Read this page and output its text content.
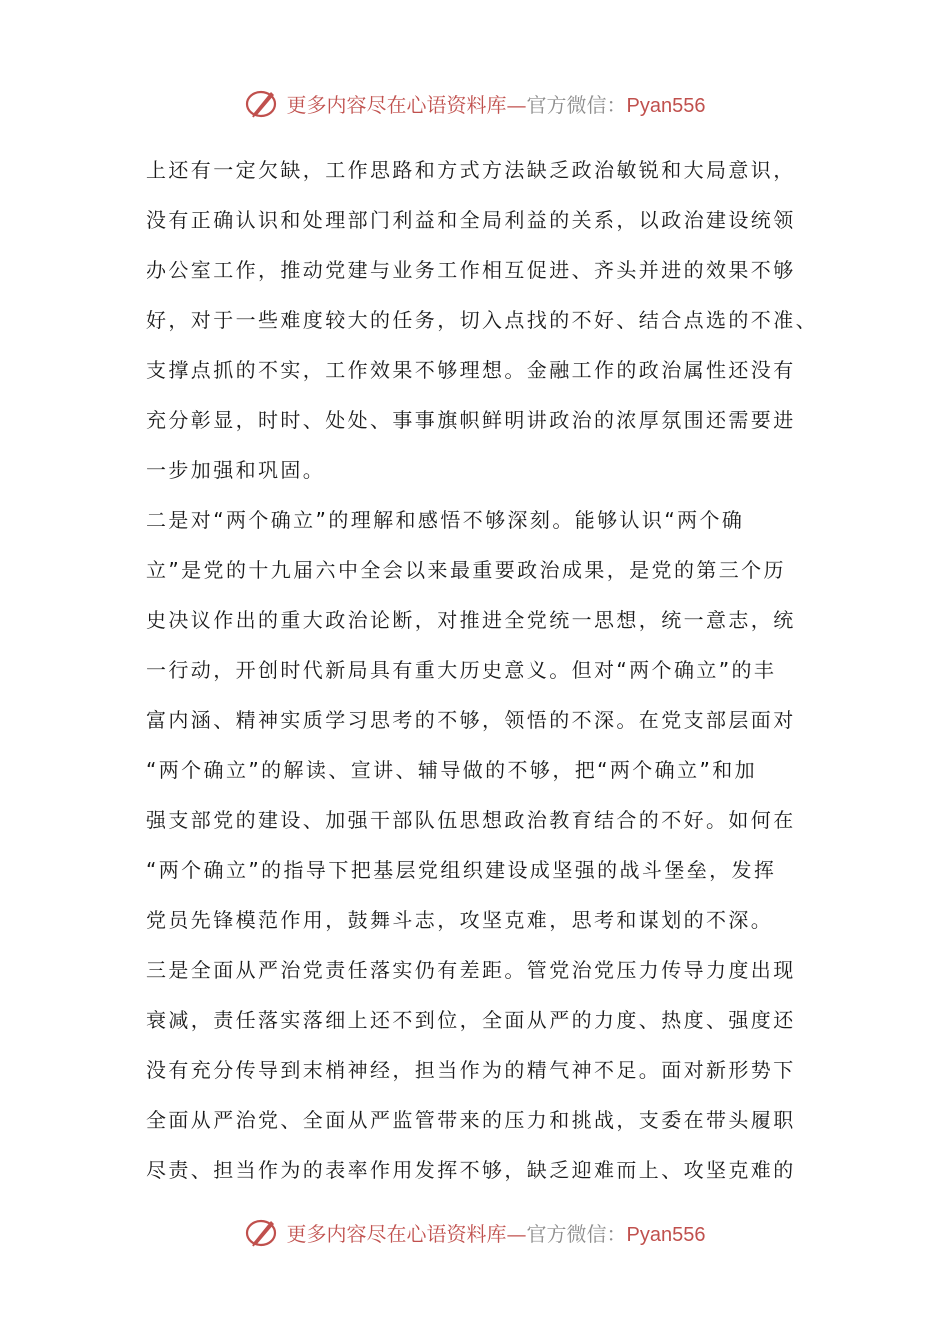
更多内容尽在心语资料库—官方微信：Pyan556
上还有一定欠缺，工作思路和方式方法缺乏政治敏锐和大局意识，
没有正确认识和处理部门利益和全局利益的关系，以政治建设统领
办公室工作，推动党建与业务工作相互促进、齐头并进的效果不够
好，对于一些难度较大的任务，切入点找的不好、结合点选的不准、
支撑点抓的不实，工作效果不够理想。金融工作的政治属性还没有
充分彰显，时时、处处、事事旗帜鲜明讲政治的浓厚氛围还需要进
一步加强和巩固。
二是对“两个确立”的理解和感悟不够深刻。能够认识“两个确
立”是党的十九届六中全会以来最重要政治成果，是党的第三个历
史决议作出的重大政治论断，对推进全党统一思想，统一意志，统
一行动，开创时代新局具有重大历史意义。但对“两个确立”的丰
富内涵、精神实质学习思考的不够，领悟的不深。在党支部层面对
“两个确立”的解读、宣讲、辅导做的不够，把“两个确立”和加
强支部党的建设、加强干部队伍思想政治教育结合的不好。如何在
“两个确立”的指导下把基层党组织建设成坚强的战斗堡垒，发挥
党员先锋模范作用，鼓舞斗志，攻坚克难，思考和谋划的不深。
三是全面从严治党责任落实仍有差距。管党治党压力传导力度出现
衰减，责任落实落细上还不到位，全面从严的力度、热度、强度还
没有充分传导到末梢神经，担当作为的精气神不足。面对新形势下
全面从严治党、全面从严监管带来的压力和挑战，支委在带头履职
尽责、担当作为的表率作用发挥不够，缺乏迎难而上、攻坚克难的
更多内容尽在心语资料库—官方微信：Pyan556
